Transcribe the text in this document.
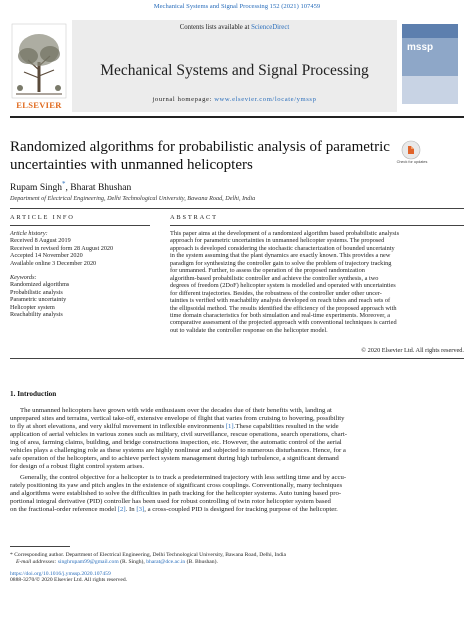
Mechanical Systems and Signal Processing 152 (2021) 107459
ELSEVIER
Contents lists available at ScienceDirect
Mechanical Systems and Signal Processing
journal homepage: www.elsevier.com/locate/ymssp
mssp
Randomized algorithms for probabilistic analysis of parametric
uncertainties with unmanned helicopters	Check for updates
Rupam Singh*, Bharat Bhushan
Department of Electrical Engineering, Delhi Technological University, Bawana Road, Delhi, India
ARTICLE INFO	ABSTRACT
Article history:
Received 8 August 2019
Received in revised form 28 August 2020
Accepted 14 November 2020
Available online 3 December 2020
Keywords:
Randomized algorithms
Probabilistic analysis
Parametric uncertainty
Helicopter system
Reachability analysis
This paper aims at the development of a randomized algorithm based probabilistic analysis
approach for parametric uncertainties in unmanned helicopter systems. The proposed
approach is developed considering the stochastic characterization of bounded uncertainty
in the system assuming that the plant dynamics are exactly known. This provides a new
paradigm for synthesizing the controller gain to solve the problem of trajectory tracking
for unmanned. Further, to assess the operation of the proposed randomization
algorithm-based probabilistic controller and achieve the controller synthesis, a two
degrees of freedom (2DoF) helicopter system is modelled and operated with uncertainties
for different trajectories. Besides, the robustness of the controller under other uncer-
tainties is verified with reachability analysis developed on reach tubes and reach sets of
the ellipsoidal method. The results identified the efficiency of the proposed approach with
time domain characteristics for both simulation and real-time experiments. Moreover, a
comparative assessment of the projected approach with conventional techniques is carried
out to validate the controller response on the helicopter model.
© 2020 Elsevier Ltd. All rights reserved.
1. Introduction
The unmanned helicopters have grown with wide enthusiasm over the decades due of their benefits with, landing at
unprepared sites and terrains, vertical take-off, extensive envelope of flight that varies from cruising to hovering, possibility
to fly at short elevations, and very skilful movement in inflexible environments [1].These capabilities resulted in the wide
application of aerial vehicles in various zones such as military, civil surveillance, rescue operations, search operations, chart-
ing of area, farming claims, building, and bridge constructions inspection, etc. However, the automatic control of the aerial
vehicles plays a challenging role as these systems are highly nonlinear and subjected to numerous disturbances. Hence, for a
safe operation of the helicopters, and to achieve perfect system management during high turbulence, a significant demand
for design of a robust flight control system arises.
Generally, the control objective for a helicopter is to track a predetermined trajectory with less settling time and by accu-
rately positioning its yaw and pitch angles in the existence of significant cross couplings. Conventionally, many techniques
and algorithms were established to solve the difficulties in path tracking for the helicopter systems. Auto tuning based pro-
portional integral derivative (PID) controller has been used for robust controlling of twin rotor helicopter system based
on the fractional-order reference model [2]. In [3], a cross-coupled PID is designed for tracking purpose of the helicopter.
* Corresponding author. Department of Electrical Engineering, Delhi Technological University, Bawana Road, Delhi, India
E-mail addresses: singhrupam99@gmail.com (R. Singh), bharat@dce.ac.in (B. Bhushan).
https://doi.org/10.1016/j.ymssp.2020.107459
0888-3270/© 2020 Elsevier Ltd. All rights reserved.
